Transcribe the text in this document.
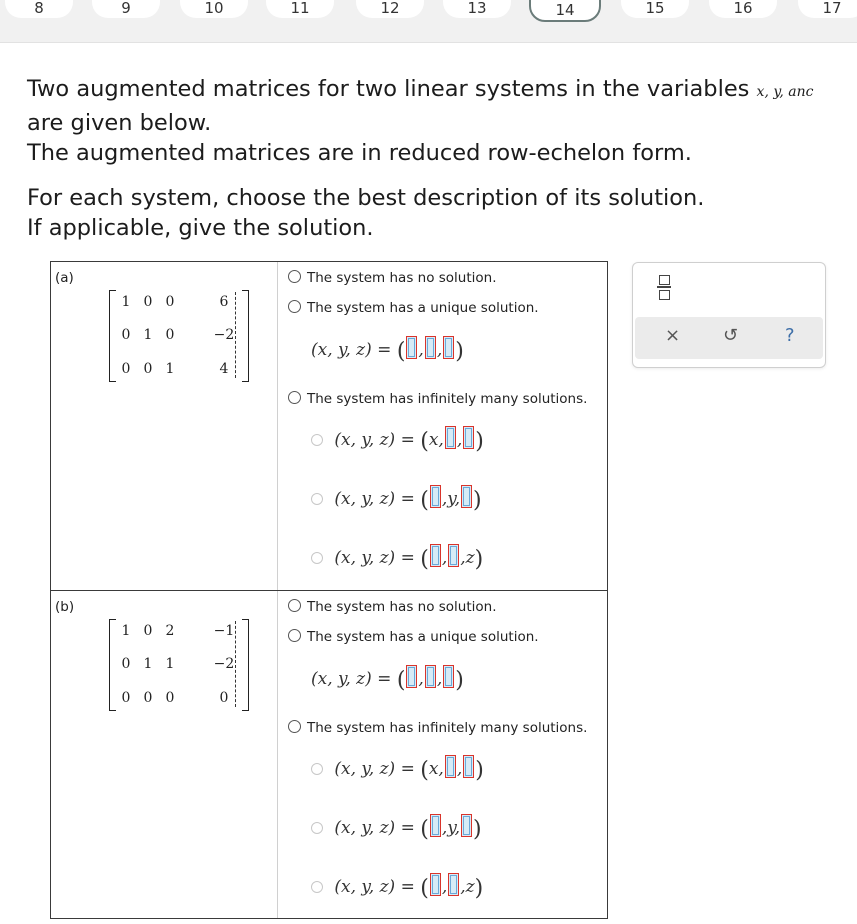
8	9	10	11	12	13	14	15	16	17

Two augmented matrices for two linear systems in the variables x, y, anc

are given below.

The augmented matrices are in reduced row-echelon form.

For each system, choose the best description of its solution.

If applicable, give the solution.

(a)
1 0 0	6
0 1 0	−2
0 0 1	4
The system has no solution.
The system has a unique solution.
(x, y, z) = ( , , )
The system has infinitely many solutions.
(x, y, z) = (x, , )
(x, y, z) = ( ,y, )
(x, y, z) = ( , ,z)
(b)
1 0 2	−1
0 1 1	−2
0 0 0	0
The system has no solution.
The system has a unique solution.
(x, y, z) = ( , , )
The system has infinitely many solutions.
(x, y, z) = (x, , )
(x, y, z) = ( ,y, )
(x, y, z) = ( , ,z)
× ↺	?
